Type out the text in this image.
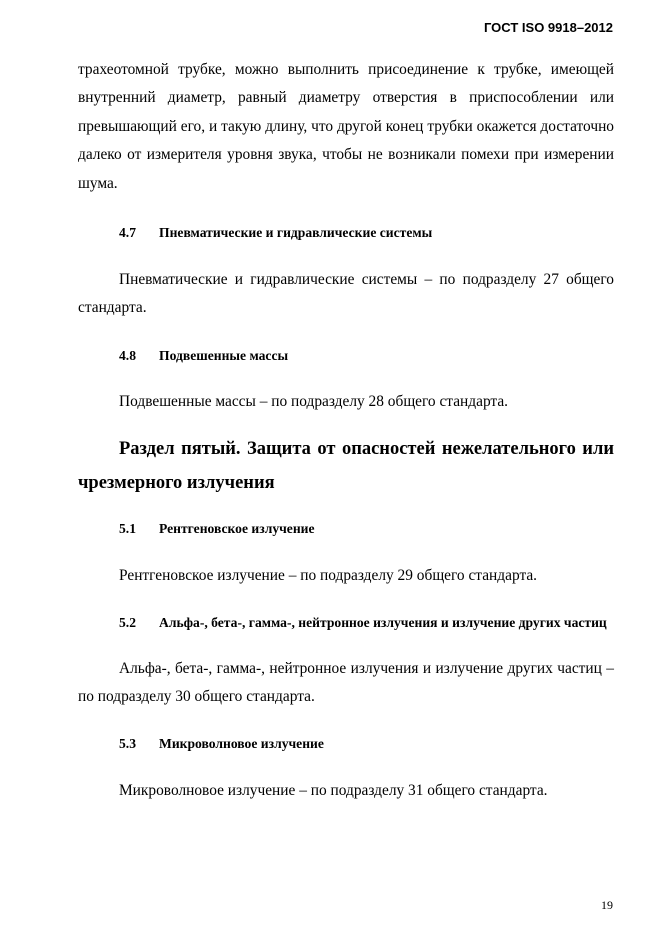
ГОСТ ISO 9918–2012

трахеотомной трубке, можно выполнить присоединение к трубке, имеющей внутренний диаметр, равный диаметру отверстия в приспособлении или превышающий его, и такую длину, что другой конец трубки окажется достаточно далеко от измерителя уровня звука, чтобы не возникали помехи при измерении шума.

4.7 Пневматические и гидравлические системы

Пневматические и гидравлические системы – по подразделу 27 общего стандарта.

4.8 Подвешенные массы

Подвешенные массы – по подразделу 28 общего стандарта.

Раздел пятый. Защита от опасностей нежелательного или чрезмерного излучения

5.1 Рентгеновское излучение

Рентгеновское излучение – по подразделу 29 общего стандарта.

5.2 Альфа-, бета-, гамма-, нейтронное излучения и излучение других частиц

Альфа-, бета-, гамма-, нейтронное излучения и излучение других частиц – по подразделу 30 общего стандарта.

5.3 Микроволновое излучение

Микроволновое излучение – по подразделу 31 общего стандарта.

19
